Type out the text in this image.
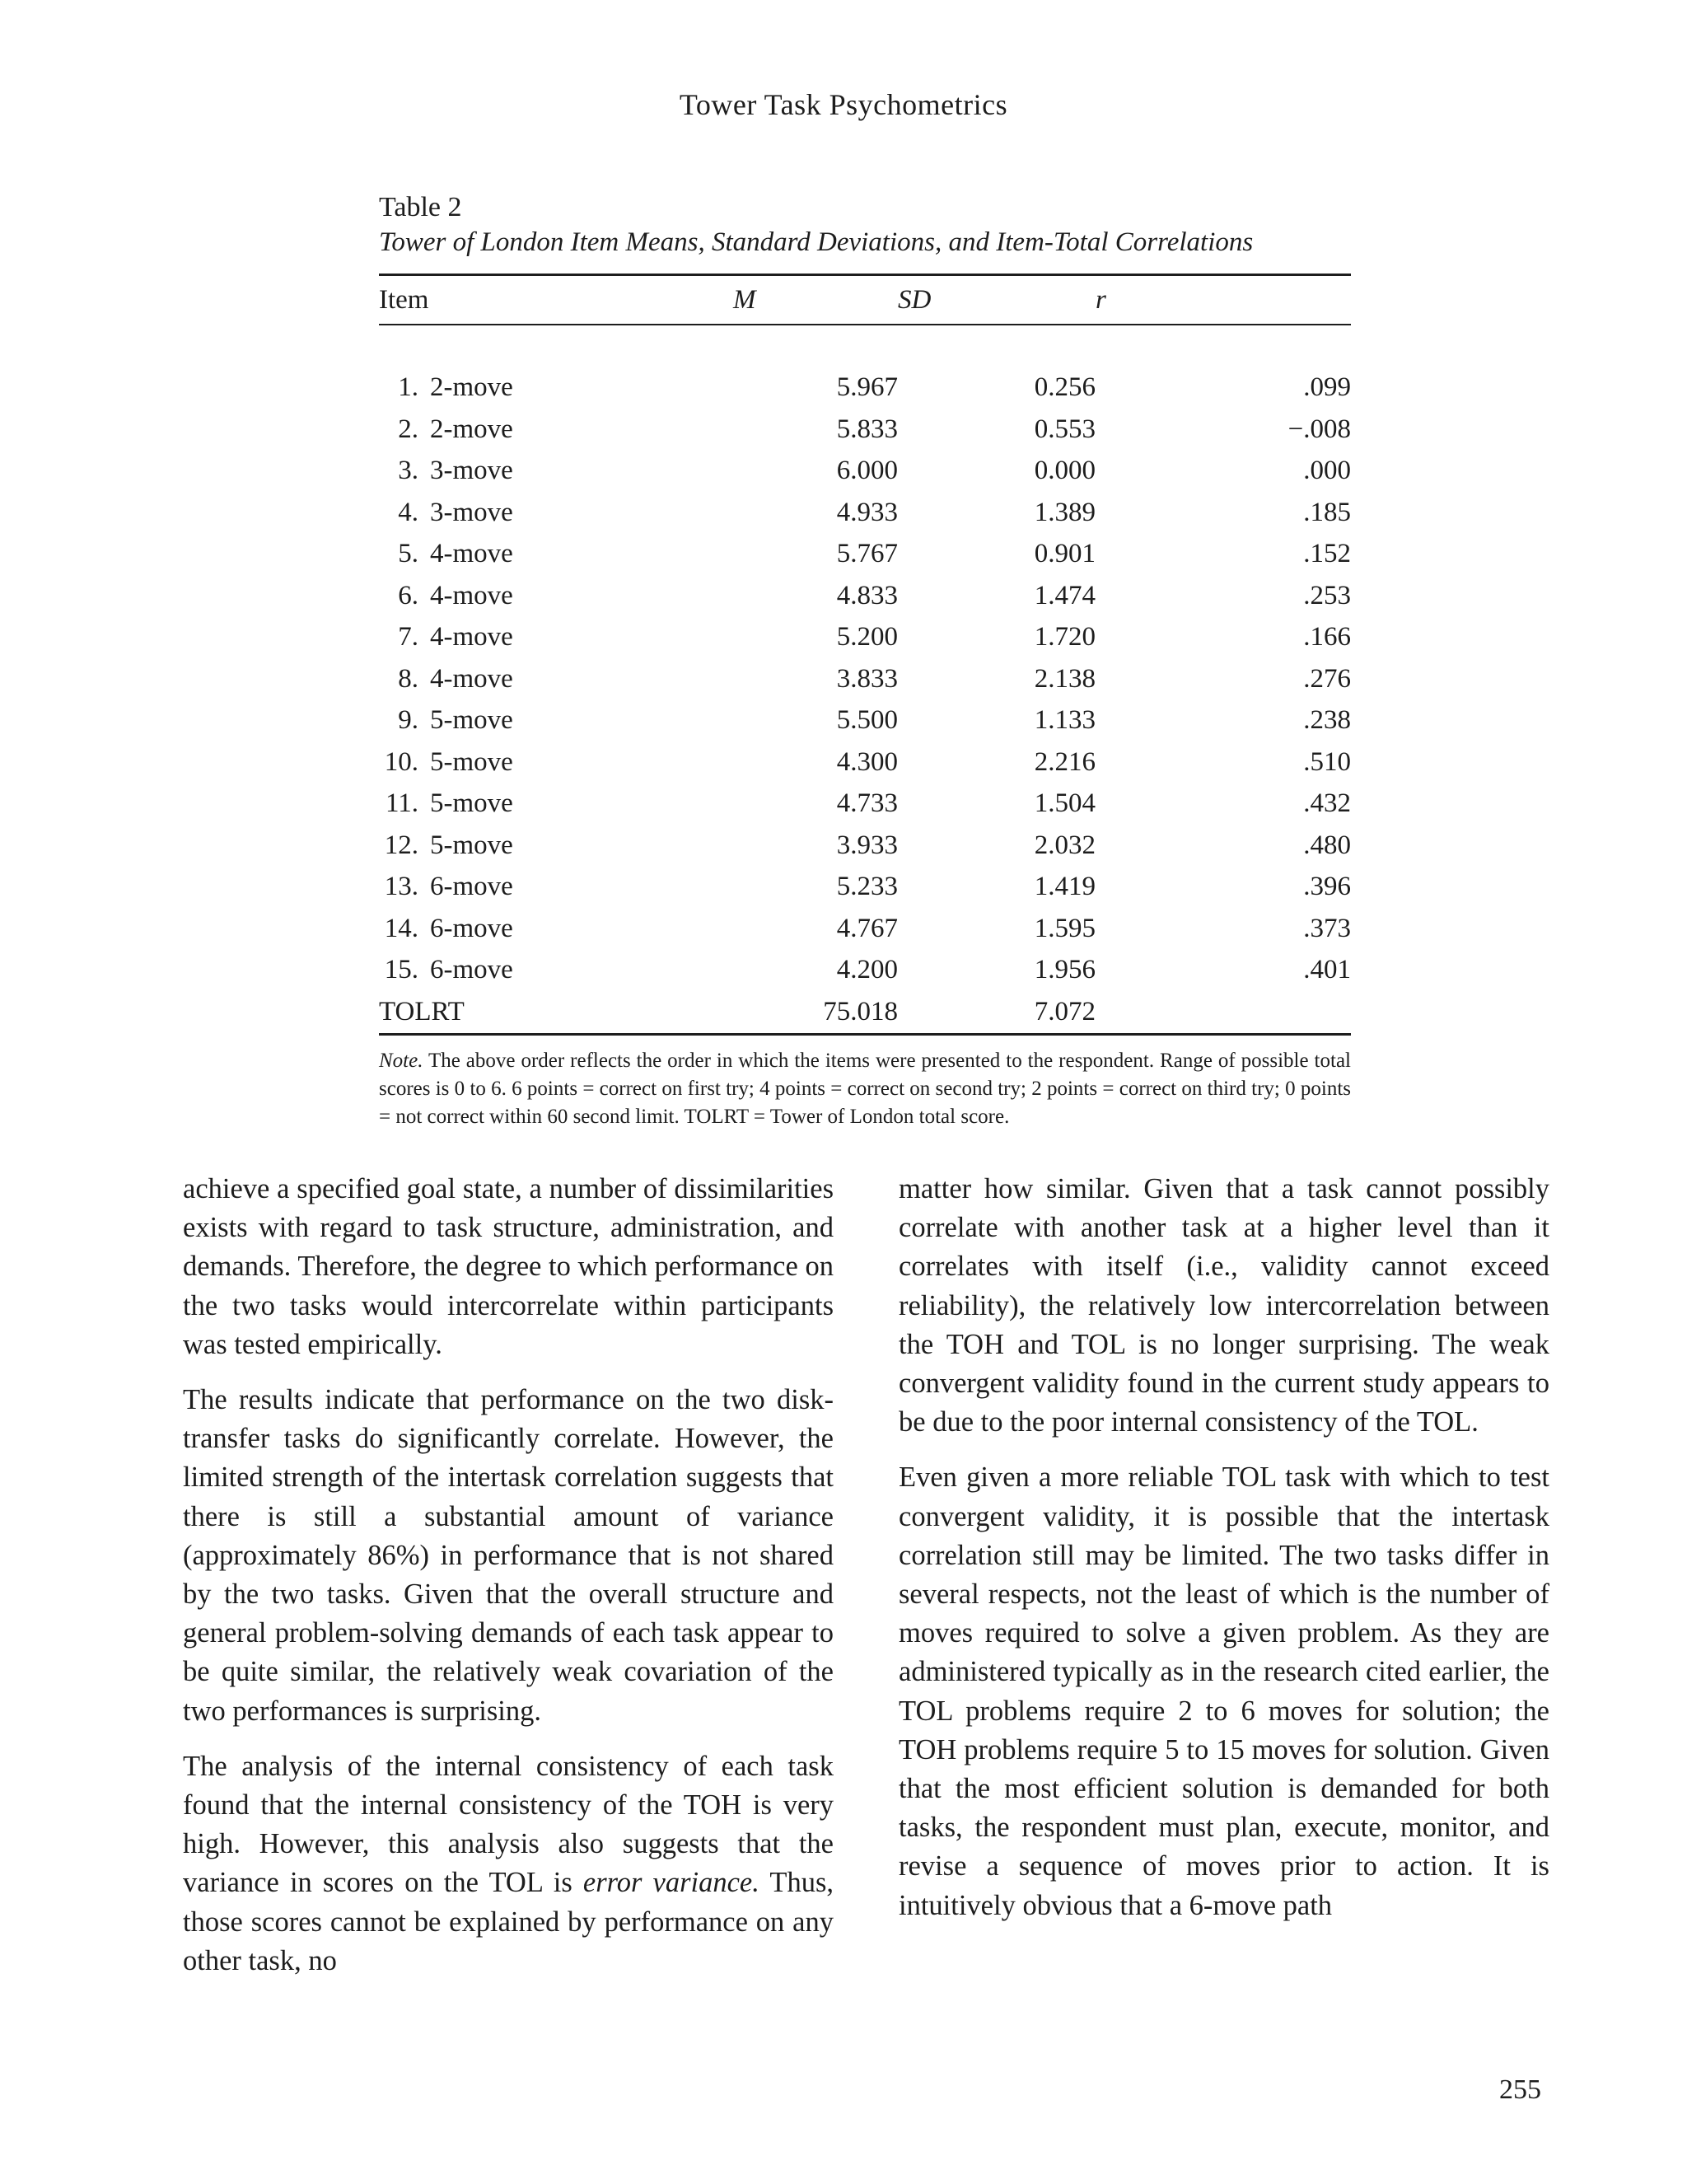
Tower Task Psychometrics
Table 2
Tower of London Item Means, Standard Deviations, and Item-Total Correlations
Item	M	SD	r

1. 2-move	5.967	0.256	.099
2. 2-move	5.833	0.553	−.008
3. 3-move	6.000	0.000	.000
4. 3-move	4.933	1.389	.185
5. 4-move	5.767	0.901	.152
6. 4-move	4.833	1.474	.253
7. 4-move	5.200	1.720	.166
8. 4-move	3.833	2.138	.276
9. 5-move	5.500	1.133	.238
10. 5-move	4.300	2.216	.510
11. 5-move	4.733	1.504	.432
12. 5-move	3.933	2.032	.480
13. 6-move	5.233	1.419	.396
14. 6-move	4.767	1.595	.373
15. 6-move	4.200	1.956	.401
TOLRT	75.018	7.072	
Note. The above order reflects the order in which the items were presented to the respondent. Range of possible total scores is 0 to 6. 6 points = correct on first try; 4 points = correct on second try; 2 points = correct on third try; 0 points = not correct within 60 second limit. TOLRT = Tower of London total score.

achieve a specified goal state, a number of dissimilarities exists with regard to task structure, administration, and demands. Therefore, the degree to which performance on the two tasks would intercorrelate within participants was tested empirically.

The results indicate that performance on the two disk-transfer tasks do significantly correlate. However, the limited strength of the intertask correlation suggests that there is still a substantial amount of variance (approximately 86%) in performance that is not shared by the two tasks. Given that the overall structure and general problem-solving demands of each task appear to be quite similar, the relatively weak covariation of the two performances is surprising.

The analysis of the internal consistency of each task found that the internal consistency of the TOH is very high. However, this analysis also suggests that the variance in scores on the TOL is error variance. Thus, those scores cannot be explained by performance on any other task, no

matter how similar. Given that a task cannot possibly correlate with another task at a higher level than it correlates with itself (i.e., validity cannot exceed reliability), the relatively low intercorrelation between the TOH and TOL is no longer surprising. The weak convergent validity found in the current study appears to be due to the poor internal consistency of the TOL.

Even given a more reliable TOL task with which to test convergent validity, it is possible that the intertask correlation still may be limited. The two tasks differ in several respects, not the least of which is the number of moves required to solve a given problem. As they are administered typically as in the research cited earlier, the TOL problems require 2 to 6 moves for solution; the TOH problems require 5 to 15 moves for solution. Given that the most efficient solution is demanded for both tasks, the respondent must plan, execute, monitor, and revise a sequence of moves prior to action. It is intuitively obvious that a 6-move path

255
